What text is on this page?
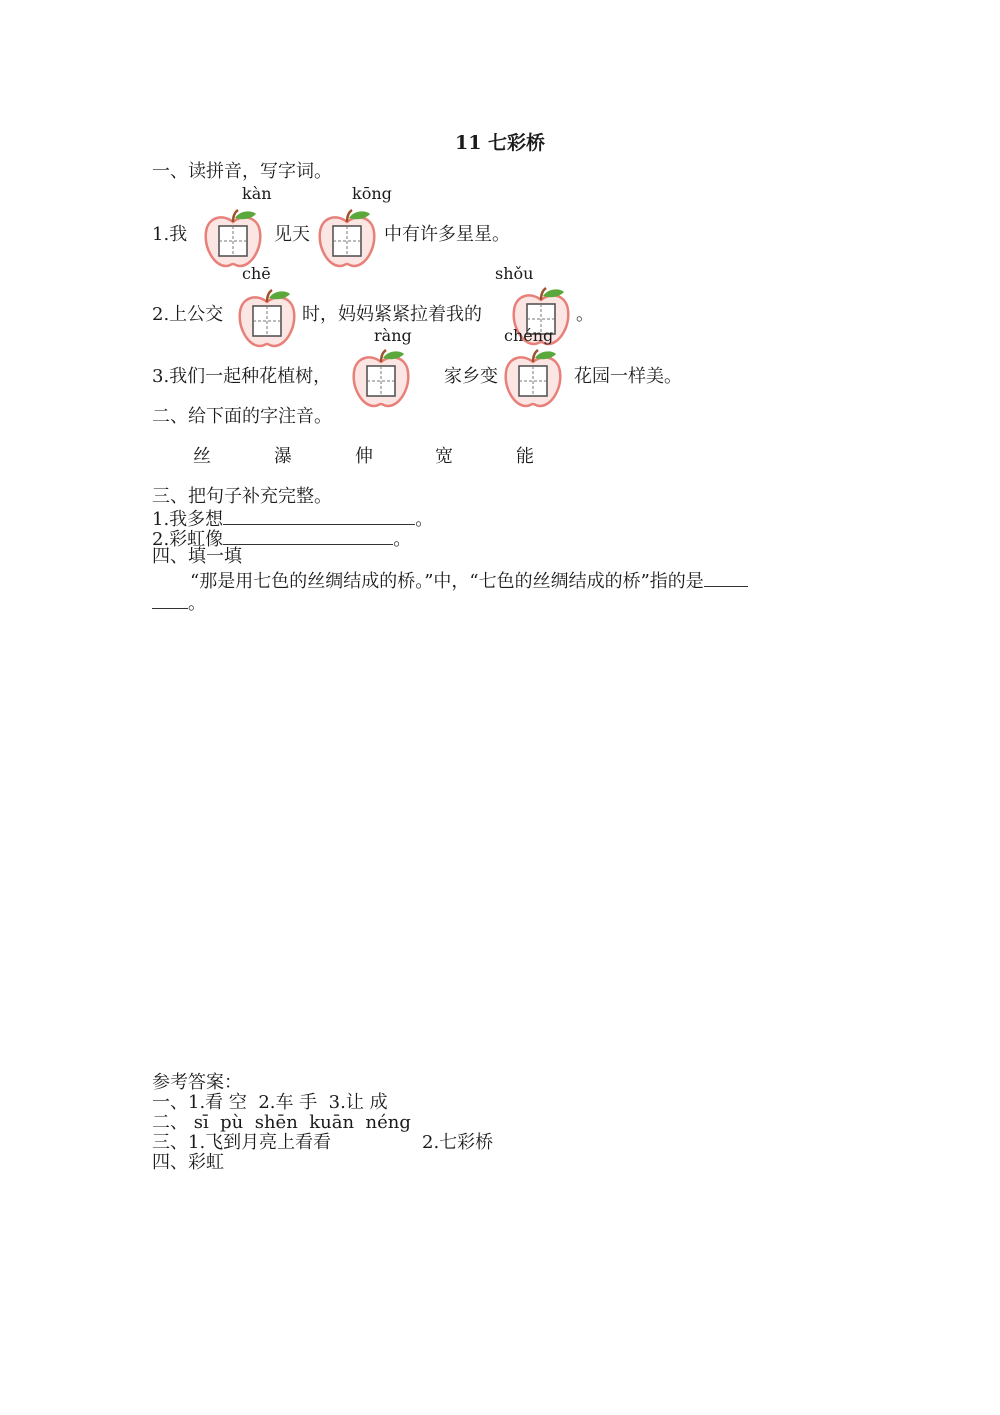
11 七彩桥
一、读拼音，写字词。
kàn	kōng
1.我	见天	中有许多星星。
chē	shǒu
2.上公交	时，妈妈紧紧拉着我的	。
ràng	chéng
3.我们一起种花植树，	家乡变	花园一样美。
二、给下面的字注音。
丝	瀑	伸	宽	能
三、把句子补充完整。
1.我多想	。
2.彩虹像	。
四、填一填
“那是用七色的丝绸结成的桥。”中，“七色的丝绸结成的桥”指的是
。
参考答案：
一、1.看 空  2.车 手  3.让 成
二、 sī  pù  shēn  kuān  néng
三、1.飞到月亮上看看	2.七彩桥
四、彩虹
